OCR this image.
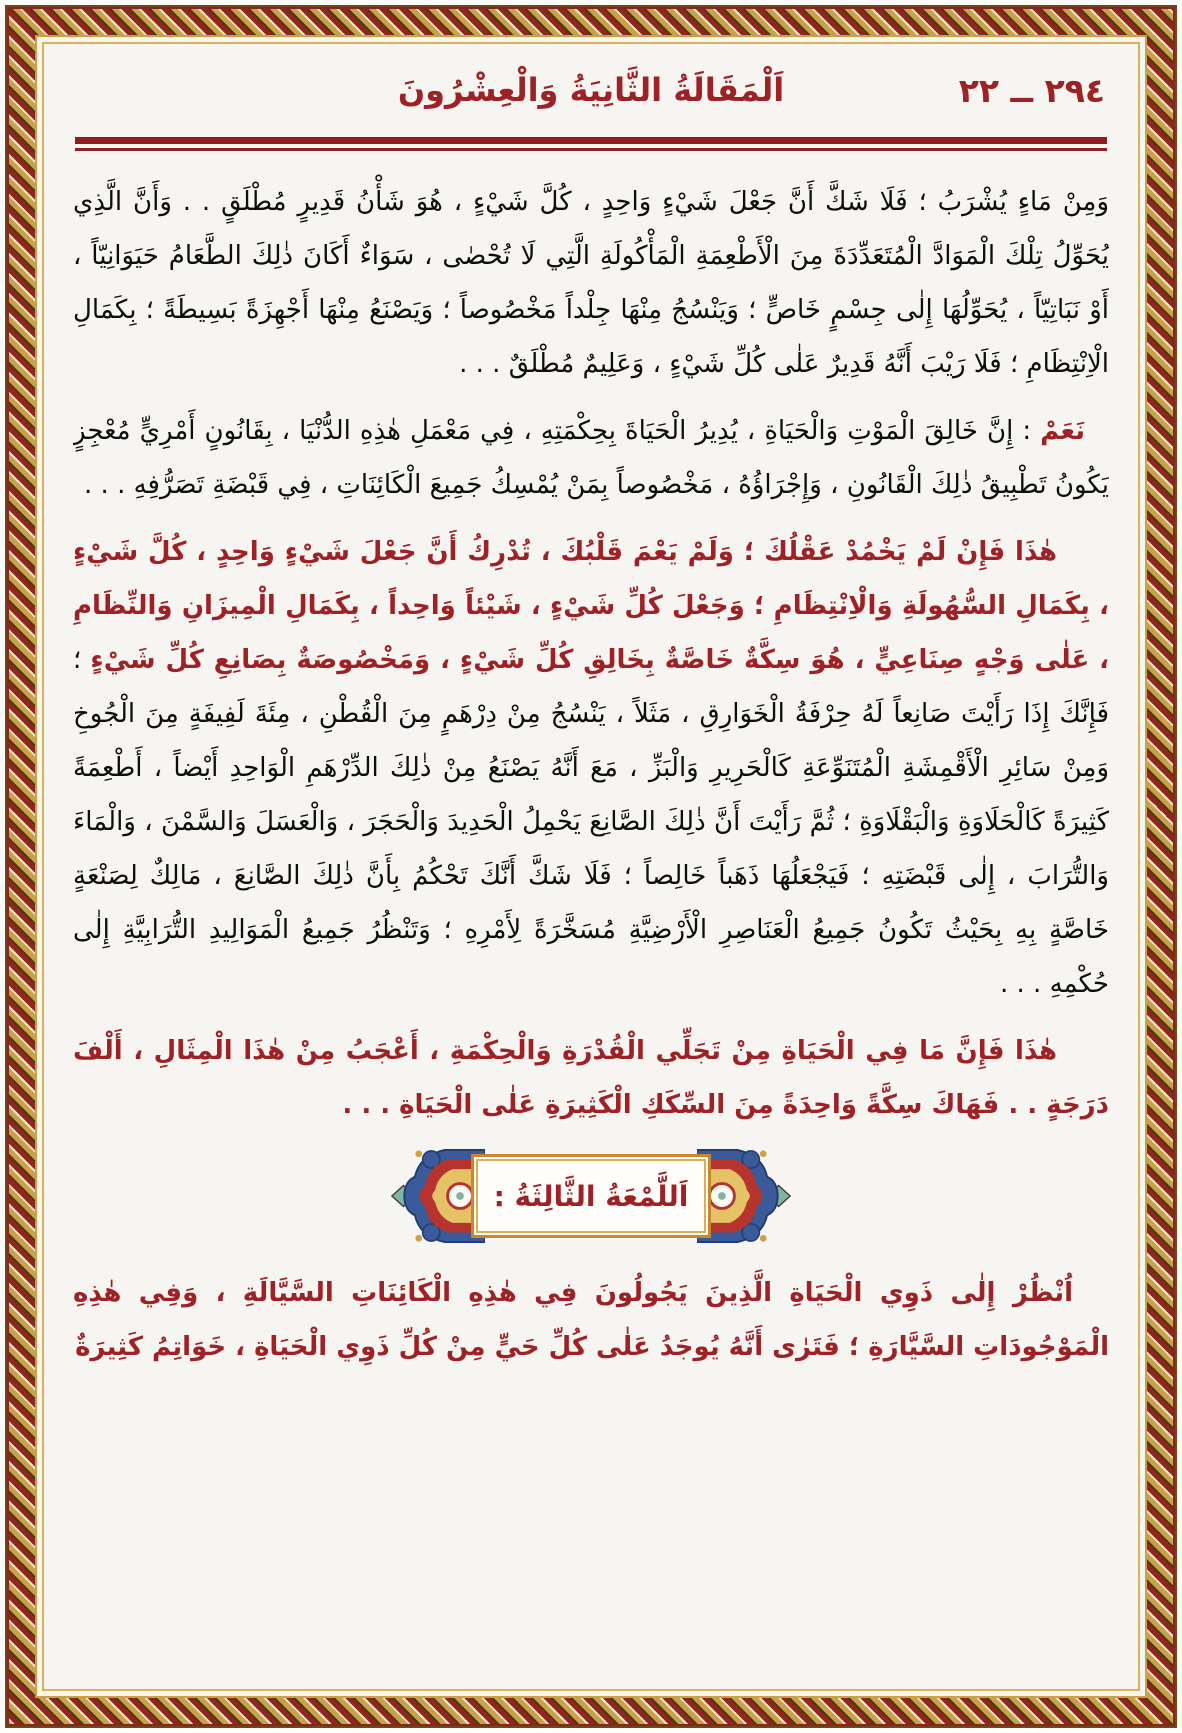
٢٩٤ ــ ٢٢
اَلْمَقَالَةُ الثَّانِيَةُ وَالْعِشْرُونَ

وَمِنْ مَاءٍ يُشْرَبُ ؛ فَلَا شَكَّ أَنَّ جَعْلَ شَيْءٍ وَاحِدٍ ، كُلَّ شَيْءٍ ، هُوَ شَأْنُ قَدِيرٍ مُطْلَقٍ . . وَأَنَّ الَّذِي يُحَوِّلُ تِلْكَ الْمَوَادَّ الْمُتَعَدِّدَةَ مِنَ الْأَطْعِمَةِ الْمَأْكُولَةِ الَّتِي لَا تُحْصٰى ، سَوَاءٌ أَكَانَ ذٰلِكَ الطَّعَامُ حَيَوَانِيّاً ، أَوْ نَبَاتِيّاً ، يُحَوِّلُهَا إِلٰى جِسْمٍ خَاصٍّ ؛ وَيَنْسُجُ مِنْهَا جِلْداً مَخْصُوصاً ؛ وَيَصْنَعُ مِنْهَا أَجْهِزَةً بَسِيطَةً ؛ بِكَمَالِ الْاِنْتِظَامِ ؛ فَلَا رَيْبَ أَنَّهُ قَدِيرٌ عَلٰى كُلِّ شَيْءٍ ، وَعَلِيمٌ مُطْلَقٌ . . .

نَعَمْ : إِنَّ خَالِقَ الْمَوْتِ وَالْحَيَاةِ ، يُدِيرُ الْحَيَاةَ بِحِكْمَتِهِ ، فِي مَعْمَلِ هٰذِهِ الدُّنْيَا ، بِقَانُونٍ أَمْرِيٍّ مُعْجِزٍ يَكُونُ تَطْبِيقُ ذٰلِكَ الْقَانُونِ ، وَإِجْرَاؤُهُ ، مَخْصُوصاً بِمَنْ يُمْسِكُ جَمِيعَ الْكَائِنَاتِ ، فِي قَبْضَةِ تَصَرُّفِهِ . . .

هٰذَا فَإِنْ لَمْ يَخْمُدْ عَقْلُكَ ؛ وَلَمْ يَعْمَ قَلْبُكَ ، تُدْرِكُ أَنَّ جَعْلَ شَيْءٍ وَاحِدٍ ، كُلَّ شَيْءٍ ، بِكَمَالِ السُّهُولَةِ وَالْاِنْتِظَامِ ؛ وَجَعْلَ كُلِّ شَيْءٍ ، شَيْئاً وَاحِداً ، بِكَمَالِ الْمِيزَانِ وَالنِّظَامِ ، عَلٰى وَجْهٍ صِنَاعِيٍّ ، هُوَ سِكَّةٌ خَاصَّةٌ بِخَالِقِ كُلِّ شَيْءٍ ، وَمَخْصُوصَةٌ بِصَانِعِ كُلِّ شَيْءٍ ؛ فَإِنَّكَ إِذَا رَأَيْتَ صَانِعاً لَهُ حِرْفَةُ الْخَوَارِقِ ، مَثَلاً ، يَنْسُجُ مِنْ دِرْهَمٍ مِنَ الْقُطْنِ ، مِئَةَ لَفِيفَةٍ مِنَ الْجُوخِ وَمِنْ سَائِرِ الْأَقْمِشَةِ الْمُتَنَوِّعَةِ كَالْحَرِيرِ وَالْبَزِّ ، مَعَ أَنَّهُ يَصْنَعُ مِنْ ذٰلِكَ الدِّرْهَمِ الْوَاحِدِ أَيْضاً ، أَطْعِمَةً كَثِيرَةً كَالْحَلَاوَةِ وَالْبَقْلَاوَةِ ؛ ثُمَّ رَأَيْتَ أَنَّ ذٰلِكَ الصَّانِعَ يَحْمِلُ الْحَدِيدَ وَالْحَجَرَ ، وَالْعَسَلَ وَالسَّمْنَ ، وَالْمَاءَ وَالتُّرَابَ ، إِلٰى قَبْضَتِهِ ؛ فَيَجْعَلُهَا ذَهَباً خَالِصاً ؛ فَلَا شَكَّ أَنَّكَ تَحْكُمُ بِأَنَّ ذٰلِكَ الصَّانِعَ ، مَالِكٌ لِصَنْعَةٍ خَاصَّةٍ بِهِ بِحَيْثُ تَكُونُ جَمِيعُ الْعَنَاصِرِ الْأَرْضِيَّةِ مُسَخَّرَةً لِأَمْرِهِ ؛ وَتَنْظُرُ جَمِيعُ الْمَوَالِيدِ التُّرَابِيَّةِ إِلٰى حُكْمِهِ . . .

هٰذَا فَإِنَّ مَا فِي الْحَيَاةِ مِنْ تَجَلِّي الْقُدْرَةِ وَالْحِكْمَةِ ، أَعْجَبُ مِنْ هٰذَا الْمِثَالِ ، أَلْفَ دَرَجَةٍ . . فَهَاكَ سِكَّةً وَاحِدَةً مِنَ السِّكَكِ الْكَثِيرَةِ عَلٰى الْحَيَاةِ . . .

اَللَّمْعَةُ الثَّالِثَةُ :

اُنْظُرْ إِلٰى ذَوِي الْحَيَاةِ الَّذِينَ يَجُولُونَ فِي هٰذِهِ الْكَائِنَاتِ السَّيَّالَةِ ، وَفِي هٰذِهِ الْمَوْجُودَاتِ السَّيَّارَةِ ؛ فَتَرٰى أَنَّهُ يُوجَدُ عَلٰى كُلِّ حَيٍّ مِنْ كُلِّ ذَوِي الْحَيَاةِ ، خَوَاتِمُ كَثِيرَةٌ
